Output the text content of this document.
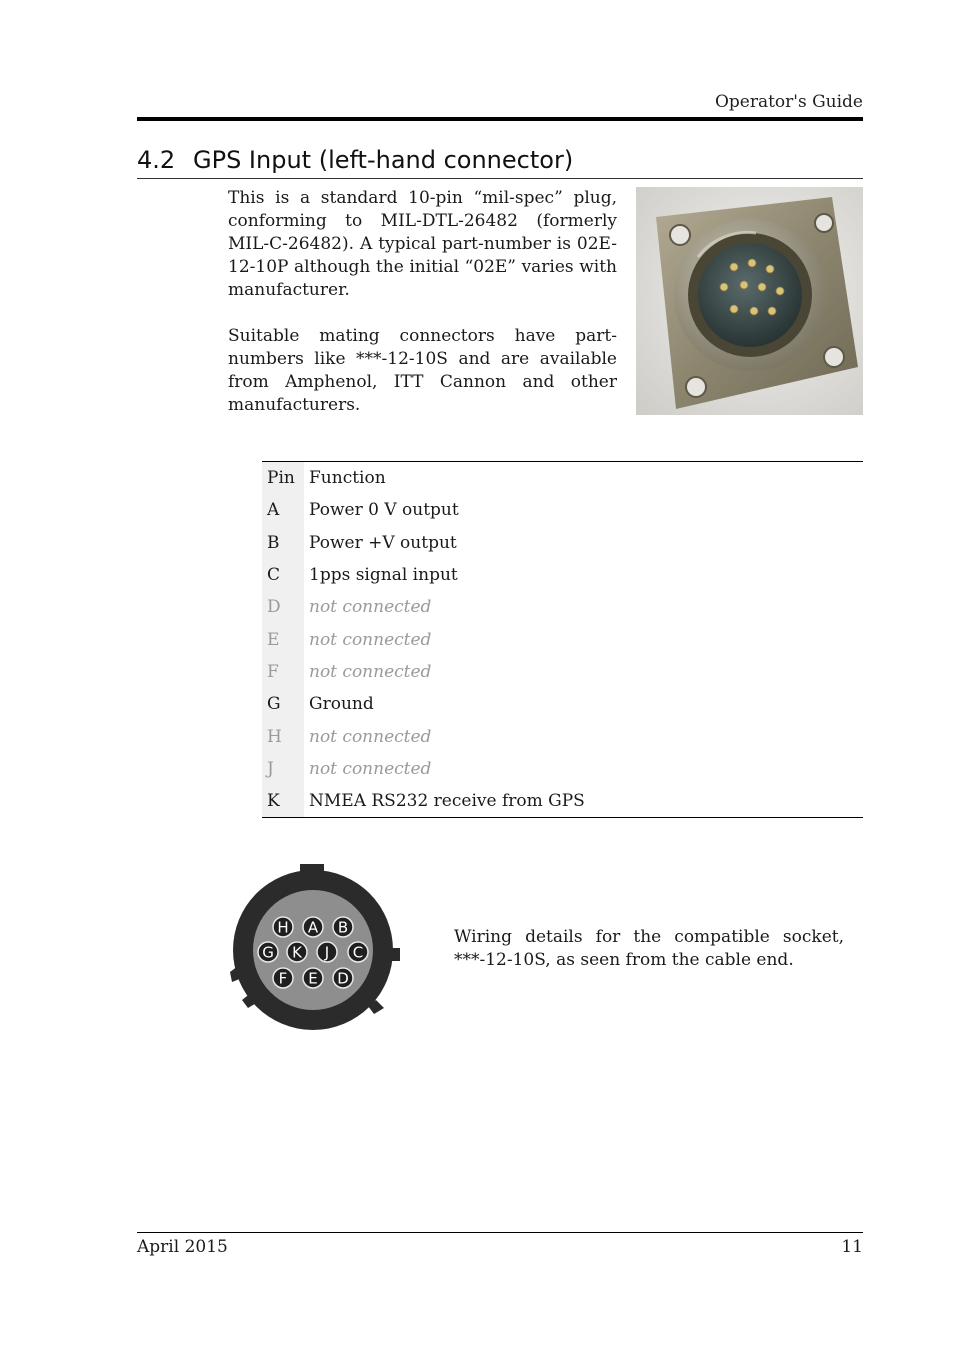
Operator's Guide
4.2 GPS Input (left-hand connector)

This is a standard 10-pin “mil-spec” plug, conforming to MIL-DTL-26482 (formerly MIL-C-26482). A typical part-number is 02E-12-10P although the initial “02E” varies with manufacturer.

Suitable mating connectors have part-numbers like ***-12-10S and are available from Amphenol, ITT Cannon and other manufacturers.

Pin	Function
A	Power 0 V output
B	Power +V output
C	1pps signal input
D	not connected
E	not connected
F	not connected
G	Ground
H	not connected
J	not connected
K	NMEA RS232 receive from GPS
H A B
G K J C
F E D

Wiring details for the compatible socket, ***-12-10S, as seen from the cable end.

April 2015	11
